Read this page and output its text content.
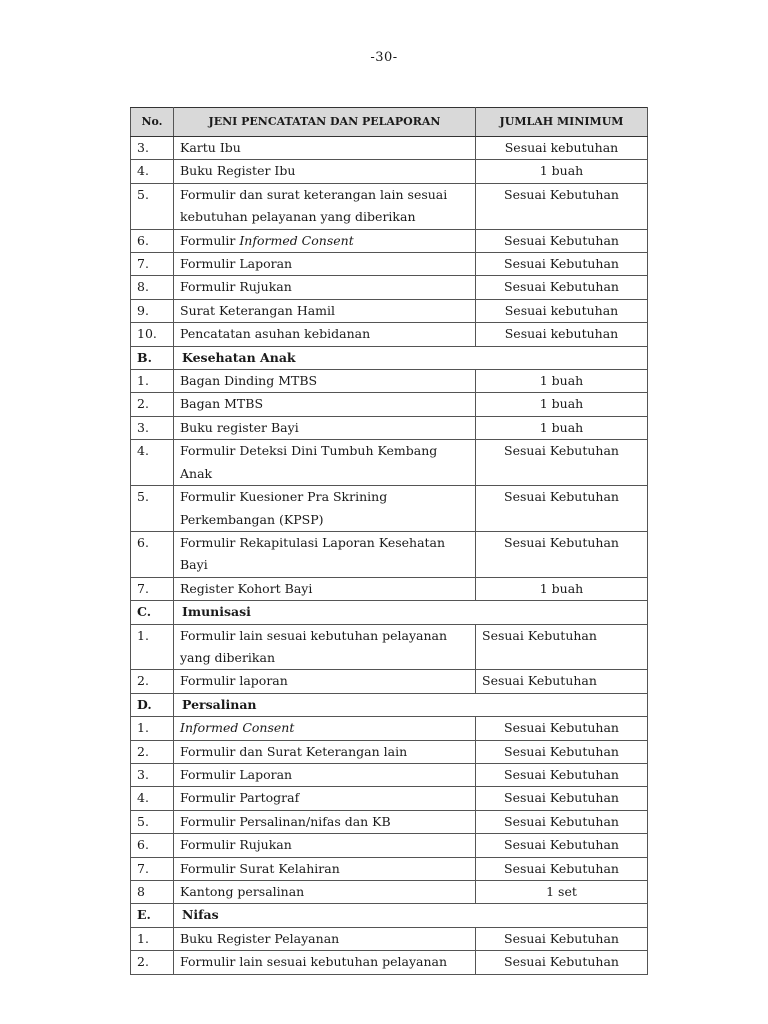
-30-
No.	JENI PENCATATAN DAN PELAPORAN	JUMLAH MINIMUM
3.	Kartu Ibu	Sesuai kebutuhan
4.	Buku Register Ibu	1 buah
5.	Formulir dan surat keterangan lain sesuai kebutuhan pelayanan yang diberikan	Sesuai Kebutuhan
6.	Formulir Informed Consent	Sesuai Kebutuhan
7.	Formulir Laporan	Sesuai Kebutuhan
8.	Formulir Rujukan	Sesuai Kebutuhan
9.	Surat Keterangan Hamil	Sesuai kebutuhan
10.	Pencatatan asuhan kebidanan	Sesuai kebutuhan
B.	Kesehatan Anak	
1.	Bagan Dinding MTBS	1 buah
2.	Bagan MTBS	1 buah
3.	Buku register Bayi	1 buah
4.	Formulir Deteksi Dini Tumbuh Kembang Anak	Sesuai Kebutuhan
5.	Formulir Kuesioner Pra Skrining Perkembangan (KPSP)	Sesuai Kebutuhan
6.	Formulir Rekapitulasi Laporan Kesehatan Bayi	Sesuai Kebutuhan
7.	Register Kohort Bayi	1 buah
C.	Imunisasi	
1.	Formulir lain sesuai kebutuhan pelayanan yang diberikan	Sesuai Kebutuhan
2.	Formulir laporan	Sesuai Kebutuhan
D.	Persalinan	
1.	Informed Consent	Sesuai Kebutuhan
2.	Formulir dan Surat Keterangan lain	Sesuai Kebutuhan
3.	Formulir Laporan	Sesuai Kebutuhan
4.	Formulir Partograf	Sesuai Kebutuhan
5.	Formulir Persalinan/nifas dan KB	Sesuai Kebutuhan
6.	Formulir Rujukan	Sesuai Kebutuhan
7.	Formulir Surat Kelahiran	Sesuai Kebutuhan
8	Kantong persalinan	1 set
E.	Nifas	
1.	Buku Register Pelayanan	Sesuai Kebutuhan
2.	Formulir lain sesuai kebutuhan pelayanan	Sesuai Kebutuhan
